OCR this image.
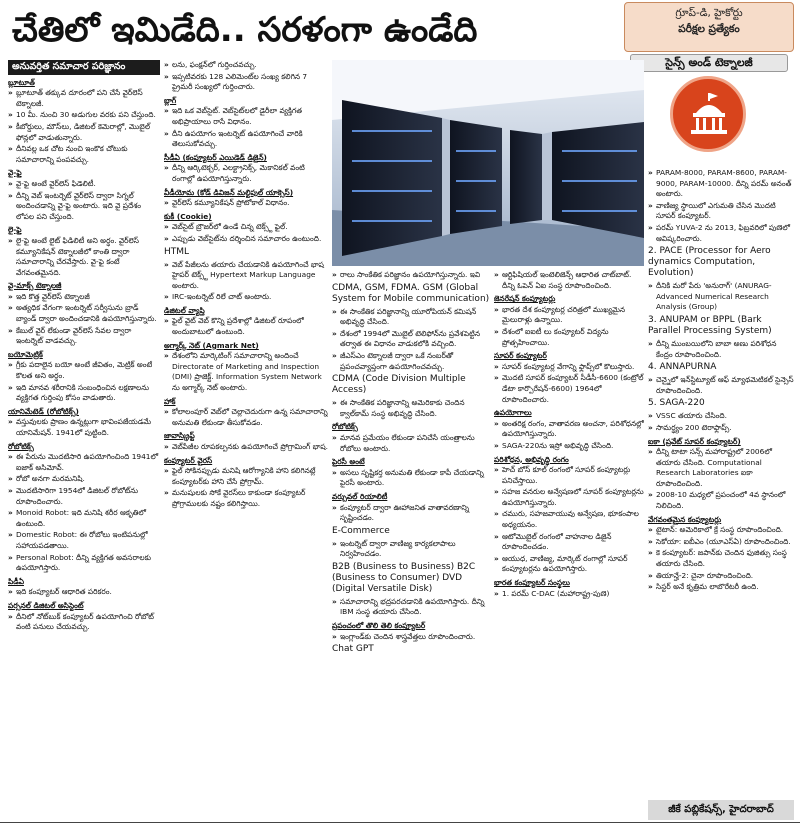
చేతిలో ఇమిడేది.. సరళంగా ఉండేది	గ్రూప్-డి, హైకోర్టు
పరీక్షల ప్రత్యేకం
సైన్స్ అండ్ టెక్నాలజీ
అనువర్తిత సమాచార పరిజ్ఞానం
బ్లూటూత్
» బ్లూటూత్ తక్కువ దూరంలో పని చేసే వైర్‌లెస్ టెక్నాలజీ.
» 10 మీ. నుంచి 30 అడుగుల వరకు పని చేస్తుంది.
» కీబోర్డులు, మౌస్‌లు, డిజిటల్ కెమెరాల్లో, మొబైల్ ఫోన్లలో వాడుతున్నారు.
» దీనివల్ల ఒక చోట నుంచి ఇంకొక చోటుకు సమాచారాన్ని పంపవచ్చు.
వై-ఫై
» వై-ఫై అంటే వైర్‌లెస్ ఫిడెలిటీ.
» దీన్ని వెబ్ ఇంటర్నెట్ వైర్‌లెస్ ద్వారా సిగ్నల్ అందించడాన్ని వై-ఫై అంటారు. ఇది వై ప్రదేశం లోపల పని చేస్తుంది.
లై-ఫై
» లై-ఫై అంటే లైట్ ఫిడిలిటీ అని అర్థం. వైర్‌లెస్ కమ్యూనికేషన్ టెక్నాలజీలో కాంతి ద్వారా సమాచారాన్ని చేరవేస్తారు. వై-ఫై కంటే వేగవంతమైనది.
వై-మాక్స్ టెక్నాలజీ
» ఇది కొత్త వైర్‌లెస్ టెక్నాలజీ
» అత్యధిక వేగంగా ఇంటర్నెట్ సర్వీసును బ్రాడ్ బ్యాండ్ ద్వారా అందించడానికి ఉపయోగిస్తున్నారు.
» కేబుల్ వైర్ లేకుండా వైర్‌లెస్ సేవల ద్వారా ఇంటర్నెట్ వాడవచ్చు.
బయోమెట్రిక్
» గ్రీకు పదాలైన బయో అంటే జీవితం, మెట్రిక్ అంటే కొలత అని అర్థం.
» ఇది మానవ శరీరానికి సంబంధించిన లక్షణాలను వ్యక్తిగత గుర్తింపు కోసం వాడుతారు.
యానిమేటెడ్ (రోబోటిక్స్)
» వస్తువులకు ప్రాణం ఉన్నట్లుగా భావింపజేయడమే యానిమేషన్. 1941లో పుట్టింది.
రోబోటిక్స్
» ఈ పేరును మొదటిసారి ఉపయోగించింది 1941లో ఐజాక్ అసిమోవ్.
» రోబో అనగా మరమనిషి.
» మొదటిసారిగా 1954లో డిజిటల్ రోబోట్‌ను రూపొందించారు.
» Monoid Robot: ఇది మనిషి శరీర ఆకృతిలో ఉంటుంది.
» Domestic Robot: ఈ రోబోలు ఇంటిపనుల్లో సహాయపడతాయి.
» Personal Robot: దీన్ని వ్యక్తిగత అవసరాలకు ఉపయోగిస్తారు.
పిడీఏ
» ఇది కంప్యూటర్ ఆధారిత పరికరం.
పర్సనల్ డిజిటల్ అసిస్టెంట్
» దీనిలో నోట్‌బుక్ కంప్యూటర్ ఉపయోగించి రోబోట్ వంటి పనులు చేయవచ్చు.
» లను, ఫంక్షన్‌లో గుర్తించవచ్చు.
» ఇప్పటివరకు 128 ఎలిమెంట్‌ల సంఖ్య కలిగిన 7 ప్రైమరీ సంఖ్యలో గుర్తించారు.
బ్లాగ్
» ఇది ఒక వెబ్‌సైట్. వెబ్‌సైట్‌లలో డైరీలా వ్యక్తిగత అభిప్రాయాలు రాసే విధానం.
» దీని ఉపయోగం ఇంటర్నెట్ ఉపయోగించే వారికి తెలుసుకోవచ్చు.
సీడీఏ (కంప్యూటర్ ఎయిడెడ్ డిజైన్)
» దీన్ని ఆర్కిటెక్చర్, ఎలక్ట్రానిక్స్, మెకానికల్ వంటి రంగాల్లో ఉపయోగిస్తున్నారు.
వీడీయోమ (కోడ్ డివిజన్ మల్టిపుల్ యాక్సెస్)
» వైర్‌లెస్ కమ్యూనికేషన్ ప్రోటోకాల్ విధానం.
కుకీ (Cookie)
» వెబ్‌సైట్ బ్రౌజర్‌లో ఉండే చిన్న టెక్స్ట్ ఫైల్.
» ఎప్పుడు వెబ్‌సైట్‌ను దర్శించిన సమాచారం ఉంటుంది.
HTML
» వెబ్ పేజీలను తయారు చేయడానికి ఉపయోగించే భాష హైపర్ టెక్స్ట్ Hypertext Markup Language అంటారు.
» IRC-ఇంటర్నెట్ రిలే చాట్ అంటారు.
డిజిటల్ వ్యాప్తి
» ఫైల్ వైట్ వెబ్ కొన్ని ప్రదేశాల్లో డిజిటల్ రూపంలో అందుబాటులో ఉంటుంది.
అగ్మార్క్ నెట్ (Agmark Net)
» దేశంలోని మార్కెటింగ్ సమాచారాన్ని అందించే Directorate of Marketing and Inspection (DMI) ప్రాజెక్ట్. Information System Network ను అగ్మార్క్ నెట్ అంటారు.
హాక్
» కోలాలంపూర్ వెబ్‌లో చెల్లాచెదురుగా ఉన్న సమాచారాన్ని అనుమతి లేకుండా తీసుకోవడం.
జావాస్క్రిప్ట్
» వెబ్‌పేజీల రూపకల్పనకు ఉపయోగించే ప్రోగ్రామింగ్ భాష.
కంప్యూటర్ వైరస్
» ఫైల్ సోకినప్పుడు మనిషి ఆరోగ్యానికి హాని కలిగినట్లే కంప్యూటర్‌కు హాని చేసే ప్రోగ్రామ్.
» మనుషులకు సోకే వైరస్‌లు కాకుండా కంప్యూటర్ ప్రోగ్రాములకు నష్టం కలిగిస్తాయి.
» రాలు సాంకేతిక పరిజ్ఞానం ఉపయోగిస్తున్నారు. ఇవి
CDMA, GSM, FDMA. GSM (Global System for Mobile communication)
» ఈ సాంకేతిక పరిజ్ఞానాన్ని యూరోపియన్ కమిషన్ అభివృద్ధి చేసింది.
» దేశంలో 1994లో మొబైల్ టెలిఫోన్‌ను ప్రవేశపెట్టిన తర్వాత ఈ విధానం వాడుకలోకి వచ్చింది.
» జీఎస్ఎం టెక్నాలజీ ద్వారా ఒకే నంబర్‌తో ప్రపంచవ్యాప్తంగా ఉపయోగించవచ్చు.
CDMA (Code Division Multiple Access)
» ఈ సాంకేతిక పరిజ్ఞానాన్ని అమెరికాకు చెందిన క్వాల్‌కామ్ సంస్థ అభివృద్ధి చేసింది.
రోబోటిక్స్
» మానవ ప్రమేయం లేకుండా పనిచేసే యంత్రాలను రోబోలు అంటారు.
పైరసీ అంటే
» అసలు సృష్టికర్త అనుమతి లేకుండా కాపీ చేయడాన్ని పైరసీ అంటారు.
వర్చువల్ రియాలిటీ
» కంప్యూటర్ ద్వారా ఊహాజనిత వాతావరణాన్ని సృష్టించడం.
E-Commerce
» ఇంటర్నెట్ ద్వారా వాణిజ్య కార్యకలాపాలు నిర్వహించడం.
B2B (Business to Business) B2C (Business to Consumer) DVD (Digital Versatile Disk)
» సమాచారాన్ని భద్రపరచడానికి ఉపయోగిస్తారు. దీన్ని IBM సంస్థ తయారు చేసింది.
ప్రపంచంలో తొలి తెలి కంప్యూటర్
» ఇంగ్లాండ్‌కు చెందిన శాస్త్రవేత్తలు రూపొందించారు.
Chat GPT
» ఆర్టిఫిషియల్ ఇంటెలిజెన్స్ ఆధారిత చాట్‌బాట్. దీన్ని ఓపెన్ ఏఐ సంస్థ రూపొందించింది.
జెనరేషన్ కంప్యూటర్లు
» భారత దేశ కంప్యూటర్ల చరిత్రలో ముఖ్యమైన మైలురాళ్లు ఉన్నాయి.
» దేశంలో ఐఐటీ లు కంప్యూటర్ విద్యను ప్రోత్సహించాయి.
సూపర్ కంప్యూటర్
» సూపర్ కంప్యూటర్ల వేగాన్ని ఫ్లాప్స్‌లో కొలుస్తారు.
» మొదటి సూపర్ కంప్యూటర్ సీడీసీ-6600 (కంట్రోల్ డేటా కార్పొరేషన్-6600) 1964లో రూపొందించారు.
ఉపయోగాలు
» అంతరిక్ష రంగం, వాతావరణ అంచనా, పరిశోధనల్లో ఉపయోగిస్తున్నారు.
» SAGA-220ను ఇస్రో అభివృద్ధి చేసింది.
పరిశోధన, అభివృద్ధి రంగం
» హెచ్ బోస్ కూల్ రంగంలో సూపర్ కంప్యూటర్లు పనిచేస్తాయి.
» సహజ వనరుల అన్వేషణలో సూపర్ కంప్యూటర్లను ఉపయోగిస్తున్నారు.
» చమురు, సహజవాయువు అన్వేషణ, భూకంపాల అధ్యయనం.
» ఆటోమొబైల్ రంగంలో వాహనాల డిజైన్ రూపొందించడం.
» ఆయుధ, వాణిజ్య, మార్కెట్ రంగాల్లో సూపర్ కంప్యూటర్లను ఉపయోగిస్తారు.
భారత కంప్యూటర్ సంస్థలు
» 1. పరమ్ C-DAC (మహారాష్ట్ర-పుణె)
» PARAM-8000, PARAM-8600, PARAM-9000, PARAM-10000. దీన్ని పరమ్ అనంత్ అంటారు.
» వాణిజ్య స్థాయిలో ఎగుమతి చేసిన మొదటి సూపర్ కంప్యూటర్.
» పరమ్ YUVA-2 ను 2013, ఫిబ్రవరిలో పుణెలో ఆవిష్కరించారు.
2. PACE (Processor for Aero dynamics Computation, Evolution)
» దీనికి మరో పేరు 'అనురాగ్' (ANURAG- Advanced Numerical Research Analysis (Group)
3. ANUPAM or BPPL (Bark Parallel Processing System)
» దీన్ని ముంబయిలోని బాబా అణు పరిశోధన కేంద్రం రూపొందించింది.
4. ANNAPURNA
» చెన్నైలో ఇన్‌స్టిట్యూట్ ఆఫ్ మ్యాథమెటికల్ సైన్సెస్ రూపొందించింది.
5. SAGA-220
» VSSC తయారు చేసింది.
» సామర్థ్యం 200 టెరాఫ్లాప్స్.
ఐకా (ప్రవేట్ సూపర్ కంప్యూటర్)
» దీన్ని టాటా సన్స్ మహారాష్ట్రలో 2006లో తయారు చేసింది. Computational Research Laboratories ఐకా రూపొందించింది.
» 2008-10 మధ్యలో ప్రపంచంలో 4వ స్థానంలో నిలిచింది.
వేగవంతమైన కంప్యూటర్లు
» టైటాన్: అమెరికాలో క్రే సంస్థ రూపొందించింది.
» సెకోయా: ఐబీఎం (యూఎస్ఏ) రూపొందించింది.
» కె కంప్యూటర్: జపాన్‌కు చెందిన ఫుజిత్సు సంస్థ తయారు చేసింది.
» తియాన్హే-2: చైనా రూపొందించింది.
» సిస్టర్ అనే కృత్రిమ లాబొరేటరీ ఉంది.
జీకే పబ్లికేషన్స్, హైదరాబాద్
